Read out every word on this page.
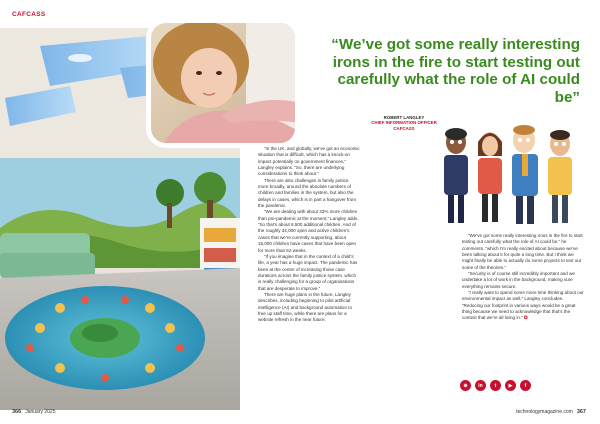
CAFCASS
“We’ve got some really interesting irons in the fire to start testing out carefully what the role of AI could be”
ROBERT LANGLEY
CHIEF INFORMATION OFFICER
CAFCASS

“In the UK, and globally, we’ve got an economic situation that is difficult, which has a knock-on impact potentially on government finances,” Langley explains. “So, there are underlying considerations to think about.”

There are also challenges in family justice more broadly, around the absolute numbers of children and families in the system, but also the delays in cases, which is in part a hangover from the pandemic.

“We are dealing with about 33% more children than pre-pandemic at the moment,” Langley adds. “So that’s about 6,500 additional children. And of the roughly 34,000 open and active children’s cases that we’re currently supporting, about 15,000 children have cases that have been open for more than 52 weeks.

“If you imagine that in the context of a child’s life, a year has a huge impact. The pandemic has been at the centre of increasing those case durations across the family justice system, which is really challenging for a group of organisations that are desperate to improve.”

There are huge plans in the future, Langley describes, including beginning to pilot artificial intelligence (AI) and background automation to free up staff time, while there are plans for a website refresh in the near future.

“We’ve got some really interesting irons in the fire to start testing out carefully what the role of AI could be,” he comments, “which I’m really excited about because we’ve been talking about it for quite a long time. But I think we might finally be able to actually do some projects to test out some of the theories.”

“Security is of course still incredibly important and we undertake a lot of work in the background, making sure everything remains secure.

“I really want to spend some more time thinking about our environmental impact as well,” Langley concludes. “Reducing our footprint in various ways would be a great thing because we need to acknowledge that that’s the context that we’re all living in.” ✪

⊕	in	t	▶	f
366 January 2025	technologymagazine.com 367
